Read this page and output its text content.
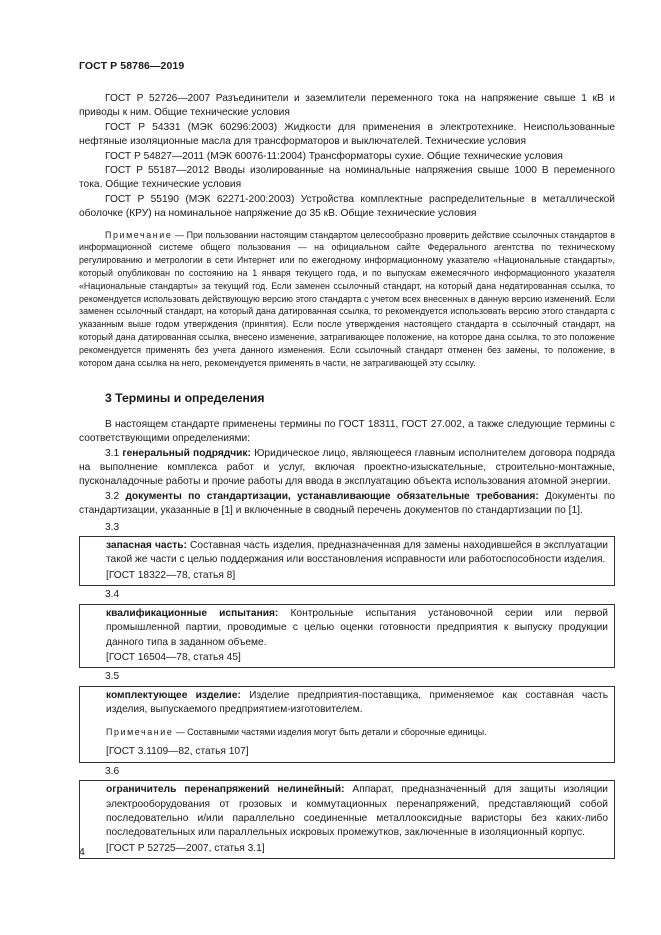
ГОСТ Р 58786—2019

ГОСТ Р 52726—2007 Разъединители и заземлители переменного тока на напряжение свыше 1 кВ и приводы к ним. Общие технические условия

ГОСТ Р 54331 (МЭК 60296:2003) Жидкости для применения в электротехнике. Неиспользованные нефтяные изоляционные масла для трансформаторов и выключателей. Технические условия

ГОСТ Р 54827—2011 (МЭК 60076-11:2004) Трансформаторы сухие. Общие технические условия

ГОСТ Р 55187—2012 Вводы изолированные на номинальные напряжения свыше 1000 В переменного тока. Общие технические условия

ГОСТ Р 55190 (МЭК 62271-200:2003) Устройства комплектные распределительные в металлической оболочке (КРУ) на номинальное напряжение до 35 кВ. Общие технические условия

Примечание — При пользовании настоящим стандартом целесообразно проверить действие ссылочных стандартов в информационной системе общего пользования — на официальном сайте Федерального агентства по техническому регулированию и метрологии в сети Интернет или по ежегодному информационному указателю «Национальные стандарты», который опубликован по состоянию на 1 января текущего года, и по выпускам ежемесячного информационного указателя «Национальные стандарты» за текущий год. Если заменен ссылочный стандарт, на который дана недатированная ссылка, то рекомендуется использовать действующую версию этого стандарта с учетом всех внесенных в данную версию изменений. Если заменен ссылочный стандарт, на который дана датированная ссылка, то рекомендуется использовать версию этого стандарта с указанным выше годом утверждения (принятия). Если после утверждения настоящего стандарта в ссылочный стандарт, на который дана датированная ссылка, внесено изменение, затрагивающее положение, на которое дана ссылка, то это положение рекомендуется применять без учета данного изменения. Если ссылочный стандарт отменен без замены, то положение, в котором дана ссылка на него, рекомендуется применять в части, не затрагивающей эту ссылку.

3 Термины и определения

В настоящем стандарте применены термины по ГОСТ 18311, ГОСТ 27.002, а также следующие термины с соответствующими определениями:

3.1 генеральный подрядчик: Юридическое лицо, являющееся главным исполнителем договора подряда на выполнение комплекса работ и услуг, включая проектно-изыскательные, строительно-монтажные, пусконаладочные работы и прочие работы для ввода в эксплуатацию объекта использования атомной энергии.

3.2 документы по стандартизации, устанавливающие обязательные требования: Документы по стандартизации, указанные в [1] и включенные в сводный перечень документов по стандартизации по [1].

3.3

запасная часть: Составная часть изделия, предназначенная для замены находившейся в эксплуатации такой же части с целью поддержания или восстановления исправности или работоспособности изделия.

[ГОСТ 18322—78, статья 8]

3.4

квалификационные испытания: Контрольные испытания установочной серии или первой промышленной партии, проводимые с целью оценки готовности предприятия к выпуску продукции данного типа в заданном объеме.

[ГОСТ 16504—78, статья 45]

3.5

комплектующее изделие: Изделие предприятия-поставщика, применяемое как составная часть изделия, выпускаемого предприятием-изготовителем.

Примечание — Составными частями изделия могут быть детали и сборочные единицы.

[ГОСТ 3.1109—82, статья 107]

3.6

ограничитель перенапряжений нелинейный: Аппарат, предназначенный для защиты изоляции электрооборудования от грозовых и коммутационных перенапряжений, представляющий собой последовательно и/или параллельно соединенные металлооксидные варисторы без каких-либо последовательных или параллельных искровых промежутков, заключенные в изоляционный корпус.

[ГОСТ Р 52725—2007, статья 3.1]

4
